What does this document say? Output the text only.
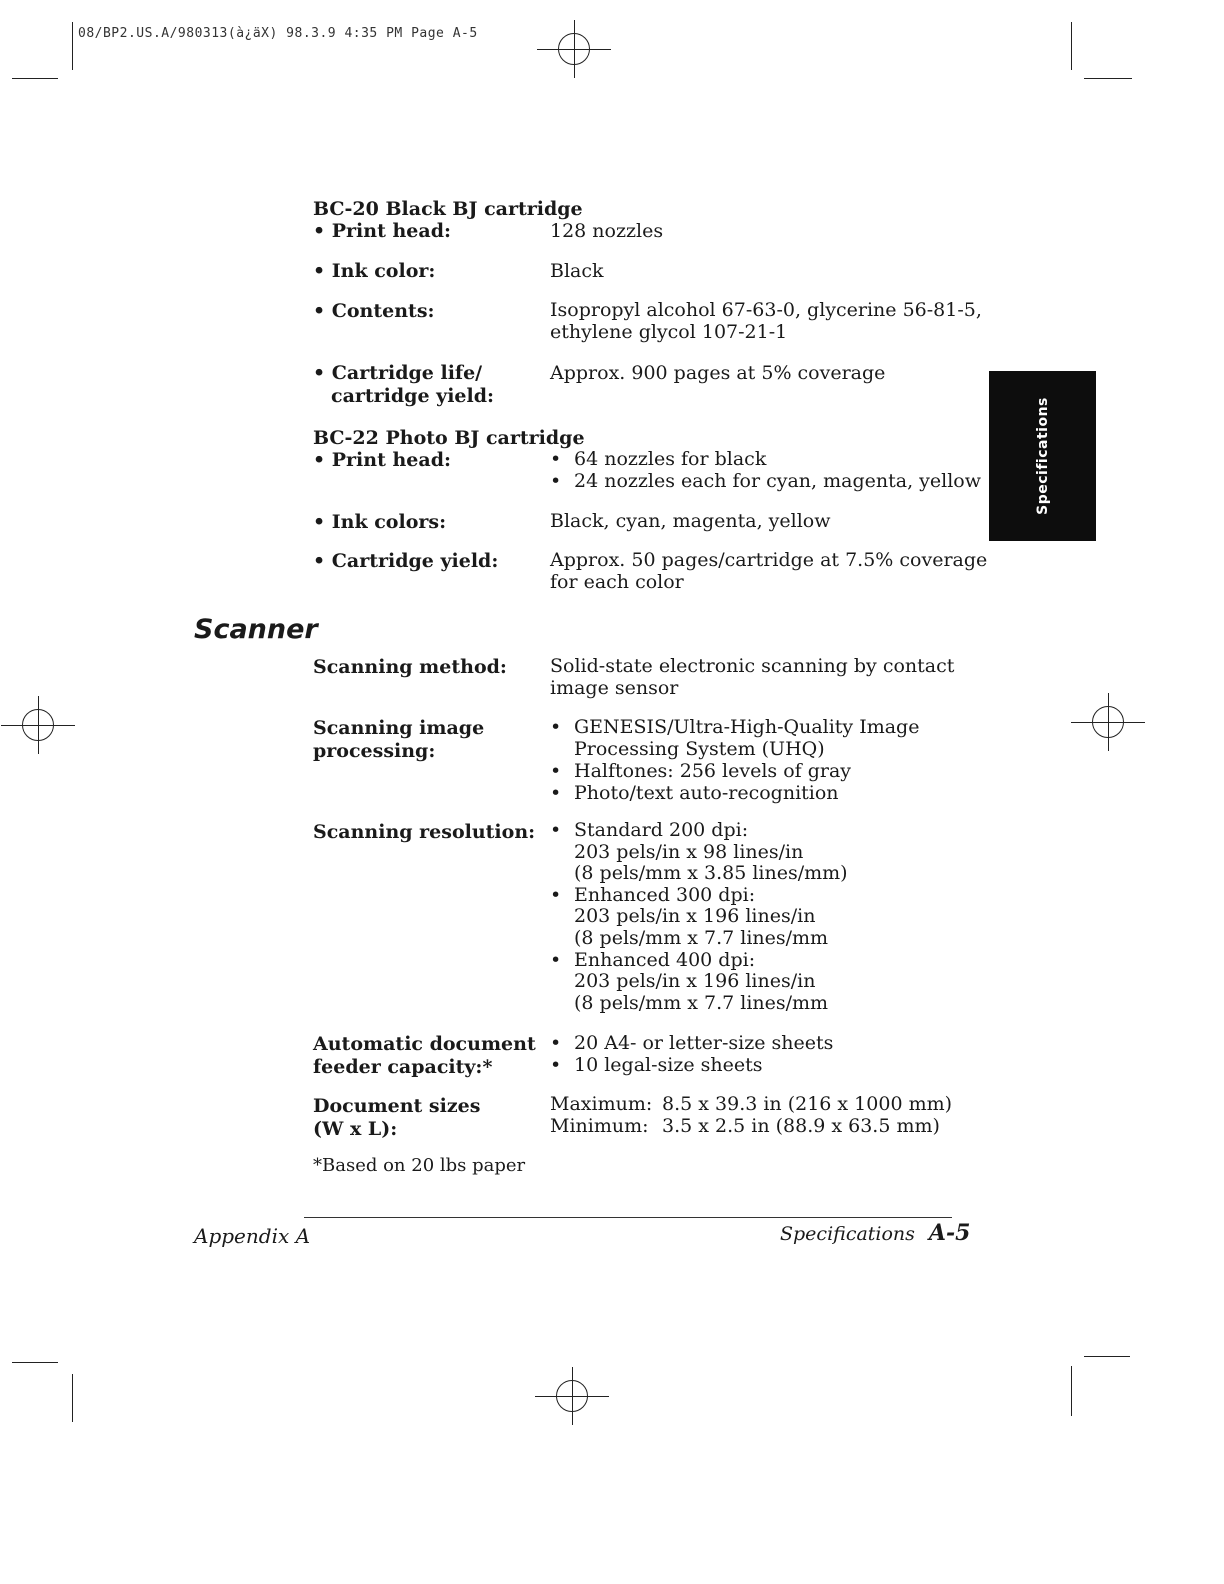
08/BP2.US.A/980313(à¿äX) 98.3.9 4:35 PM Page A-5
Specifications
BC-20 Black BJ cartridge
• Print head:	128 nozzles
• Ink color:	Black
• Contents:	Isopropyl alcohol 67-63-0, glycerine 56-81-5,
ethylene glycol 107-21-1
• Cartridge life/
cartridge yield:
Approx. 900 pages at 5% coverage
BC-22 Photo BJ cartridge
• Print head:	• 64 nozzles for black
• 24 nozzles each for cyan, magenta, yellow
• Ink colors:	Black, cyan, magenta, yellow
• Cartridge yield:	Approx. 50 pages/cartridge at 7.5% coverage
for each color
Scanner
Scanning method: Solid-state electronic scanning by contact
image sensor
Scanning image
processing:
• GENESIS/Ultra-High-Quality Image
Processing System (UHQ)
• Halftones: 256 levels of gray
• Photo/text auto-recognition
Scanning resolution:	• Standard 200 dpi:
203 pels/in x 98 lines/in
(8 pels/mm x 3.85 lines/mm)
• Enhanced 300 dpi:
203 pels/in x 196 lines/in
(8 pels/mm x 7.7 lines/mm
• Enhanced 400 dpi:
203 pels/in x 196 lines/in
(8 pels/mm x 7.7 lines/mm
Automatic document
feeder capacity:*
• 20 A4- or letter-size sheets
• 10 legal-size sheets
Document sizes
(W x L):
Maximum: 8.5 x 39.3 in (216 x 1000 mm)
Minimum: 3.5 x 2.5 in (88.9 x 63.5 mm)
*Based on 20 lbs paper
Appendix A	Specifications A-5
